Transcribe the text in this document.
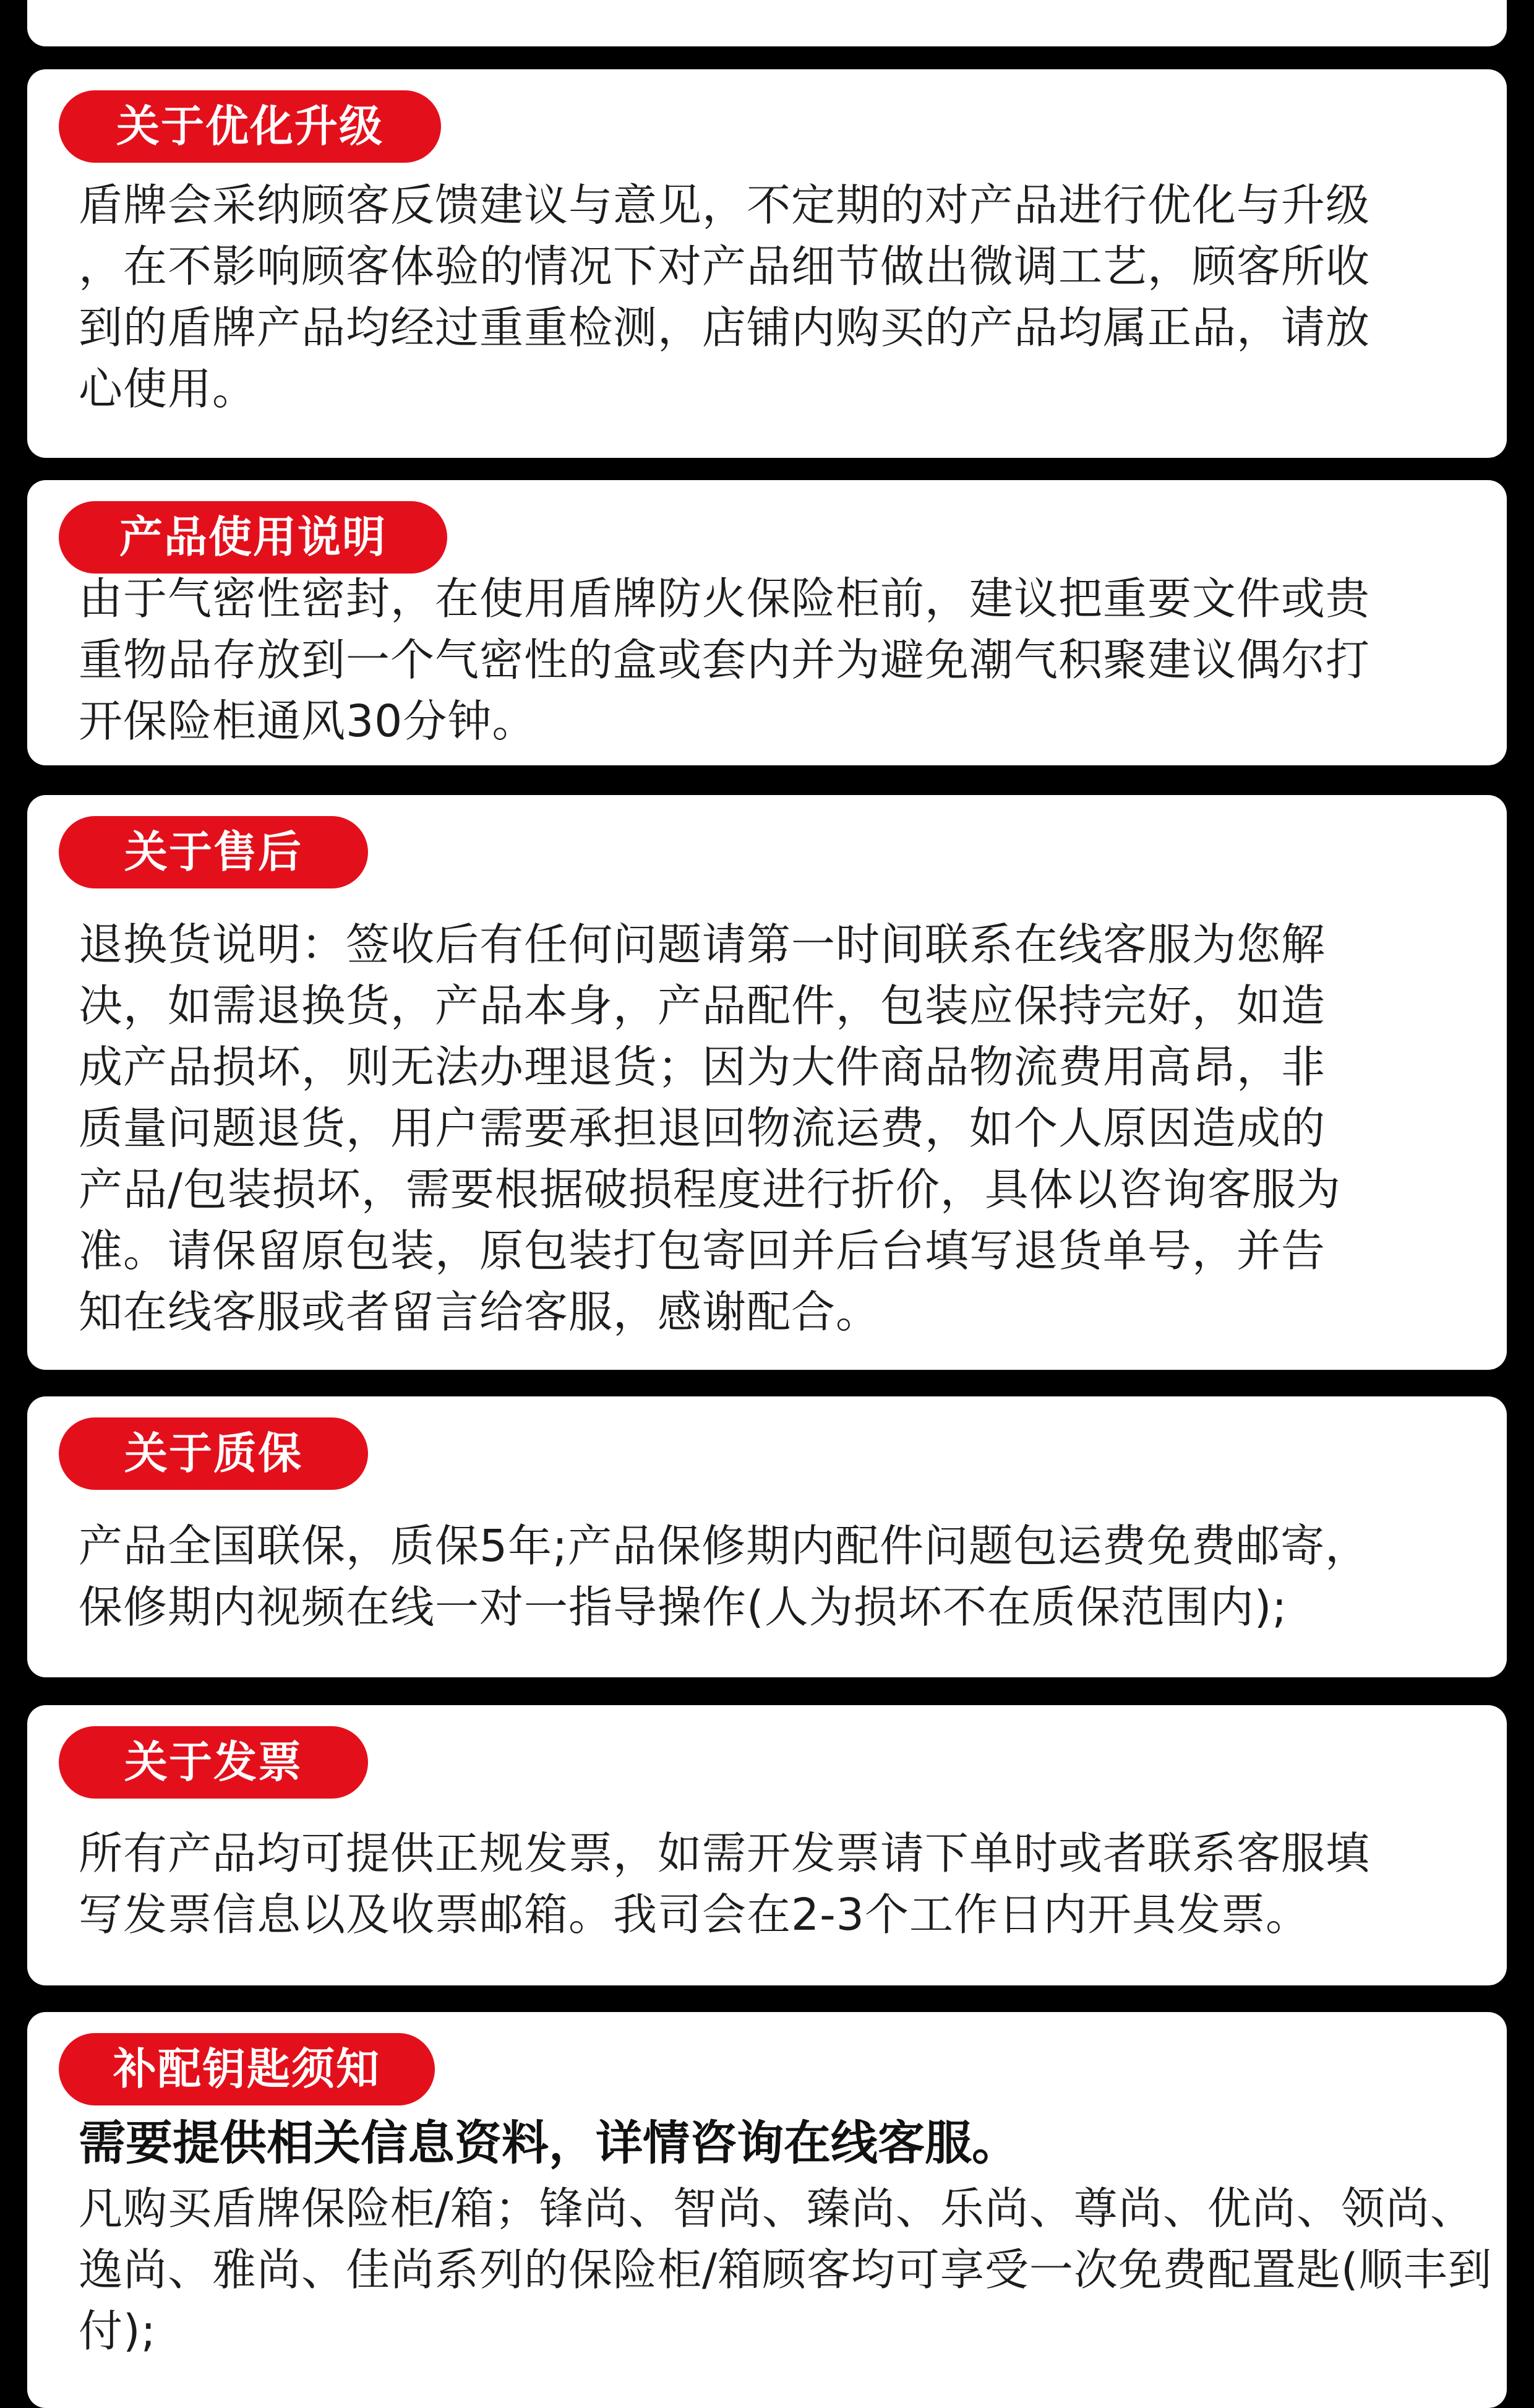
关于优化升级

盾牌会采纳顾客反馈建议与意见，不定期的对产品进行优化与升级
，在不影响顾客体验的情况下对产品细节做出微调工艺，顾客所收
到的盾牌产品均经过重重检测，店铺内购买的产品均属正品，请放
心使用。

产品使用说明

由于气密性密封，在使用盾牌防火保险柜前，建议把重要文件或贵
重物品存放到一个气密性的盒或套内并为避免潮气积聚建议偶尔打
开保险柜通风30分钟。

关于售后

退换货说明：签收后有任何问题请第一时间联系在线客服为您解
决，如需退换货，产品本身，产品配件，包装应保持完好，如造
成产品损坏，则无法办理退货；因为大件商品物流费用高昂，非
质量问题退货，用户需要承担退回物流运费，如个人原因造成的
产品/包装损坏，需要根据破损程度进行折价，具体以咨询客服为
准。请保留原包装，原包装打包寄回并后台填写退货单号，并告
知在线客服或者留言给客服，感谢配合。

关于质保

产品全国联保，质保5年;产品保修期内配件问题包运费免费邮寄，
保修期内视频在线一对一指导操作(人为损坏不在质保范围内);

关于发票

所有产品均可提供正规发票，如需开发票请下单时或者联系客服填
写发票信息以及收票邮箱。我司会在2-3个工作日内开具发票。

补配钥匙须知

需要提供相关信息资料，详情咨询在线客服。

凡购买盾牌保险柜/箱；锋尚、智尚、臻尚、乐尚、尊尚、优尚、领尚、
逸尚、雅尚、佳尚系列的保险柜/箱顾客均可享受一次免费配置匙(顺丰到
付);
